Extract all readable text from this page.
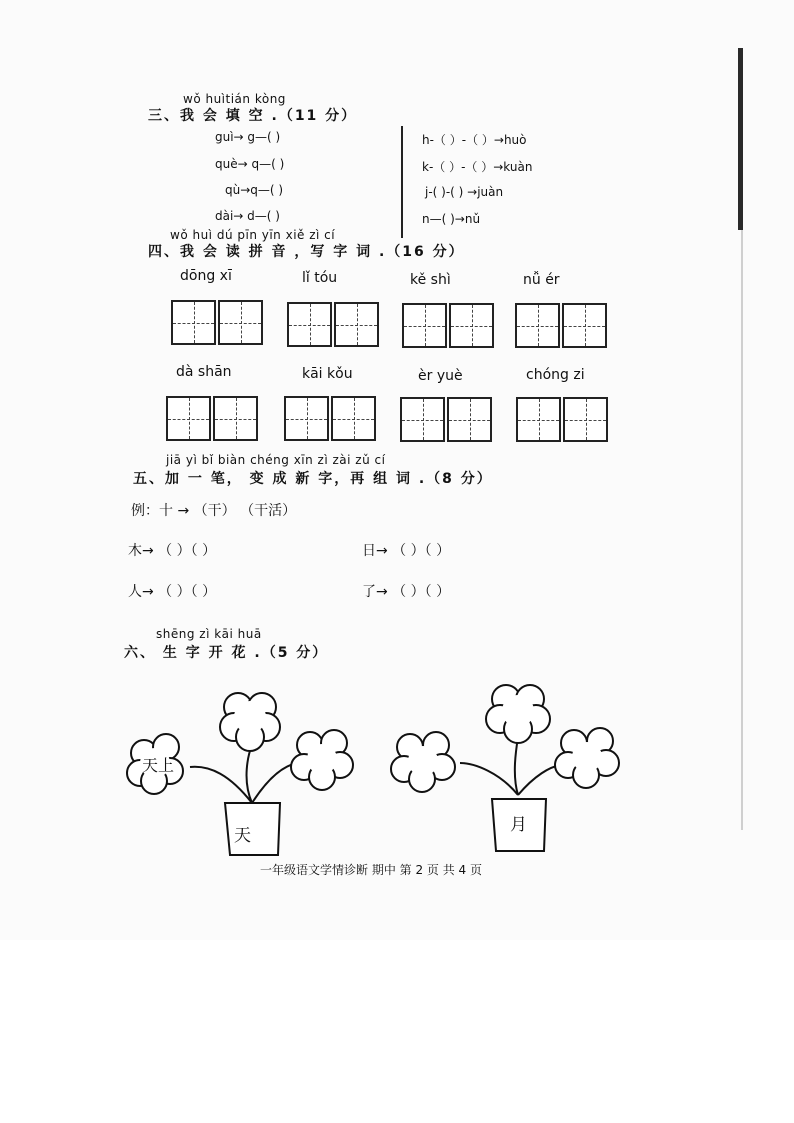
wǒ huìtián kòng
三、我 会 填 空 .（11 分）
guì→ g—( )
què→ q—( )
qù→q—( )
dài→ d—( )
h-（ ）-（ ）→huò
k-（ ）-（ ）→kuàn
j-( )-( ) →juàn
n—( )→nǔ
wǒ huì dú pīn yīn xiě zì cí
四、我 会 读 拼 音 ，写 字 词 .（16 分）
dōng xī	lǐ tóu	kě shì	nǚ ér
dà shān	kāi kǒu	èr yuè	chóng zi
jiā yì bǐ biàn chéng xīn zì zài zǔ cí
五、加 一 笔， 变 成 新 字，再 组 词 .（8 分）
例：十 → （干） （干活）
木→ （ ）（ ）	日→ （ ）（ ）
人→ （ ）（ ）	了→ （ ）（ ）
shēng zì kāi huā
六、 生 字 开 花 .（5 分）
天上
天
月
一年级语文学情诊断 期中 第 2 页 共 4 页
